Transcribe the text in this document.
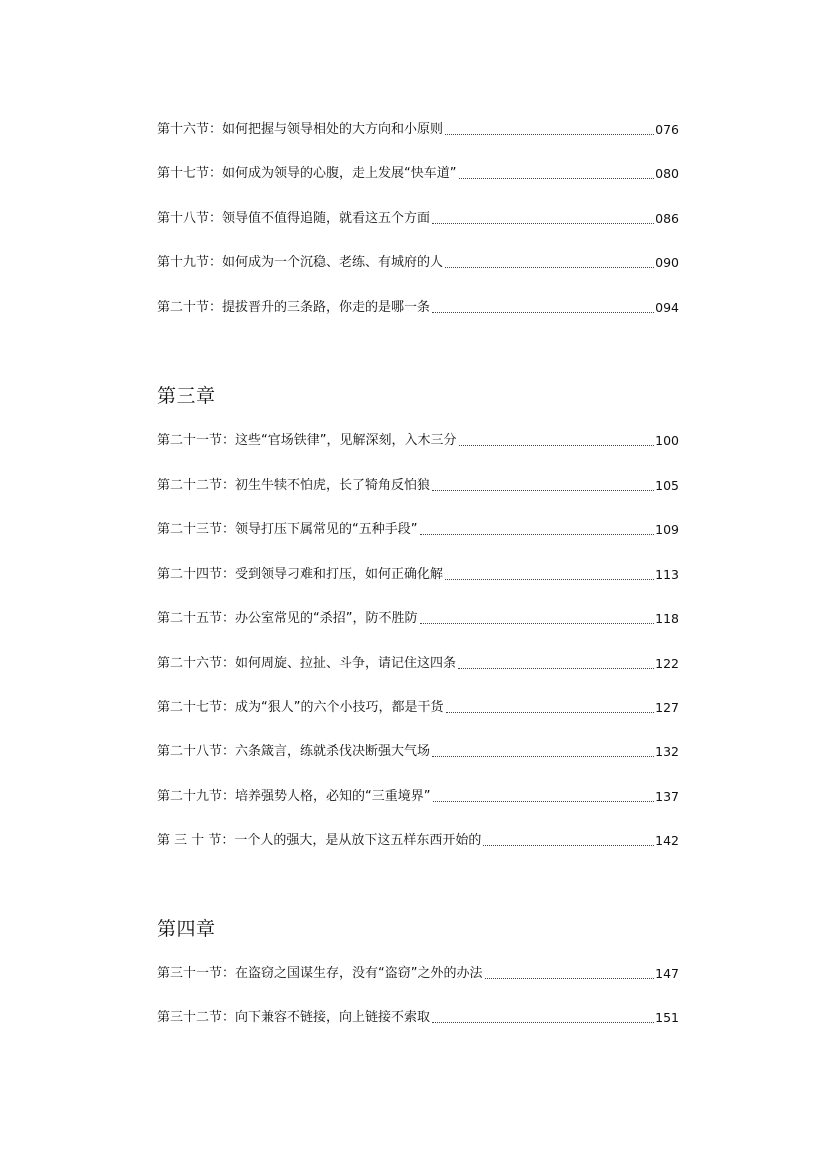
第十六节： 如何把握与领导相处的大方向和小原则	076
第十七节： 如何成为领导的心腹，走上发展“快车道”	080
第十八节： 领导值不值得追随，就看这五个方面	086
第十九节： 如何成为一个沉稳、老练、有城府的人	090
第二十节： 提拔晋升的三条路，你走的是哪一条	094
第三章
第二十一节： 这些“官场铁律”，见解深刻，入木三分	100
第二十二节： 初生牛犊不怕虎，长了犄角反怕狼	105
第二十三节： 领导打压下属常见的“五种手段”	109
第二十四节： 受到领导刁难和打压，如何正确化解	113
第二十五节： 办公室常见的“杀招”，防不胜防	118
第二十六节： 如何周旋、拉扯、斗争，请记住这四条	122
第二十七节： 成为“狠人”的六个小技巧，都是干货	127
第二十八节： 六条箴言，练就杀伐决断强大气场	132
第二十九节： 培养强势人格，必知的“三重境界”	137
第 三 十 节： 一个人的强大，是从放下这五样东西开始的	142
第四章
第三十一节： 在盗窃之国谋生存，没有“盗窃”之外的办法	147
第三十二节： 向下兼容不链接，向上链接不索取	151
